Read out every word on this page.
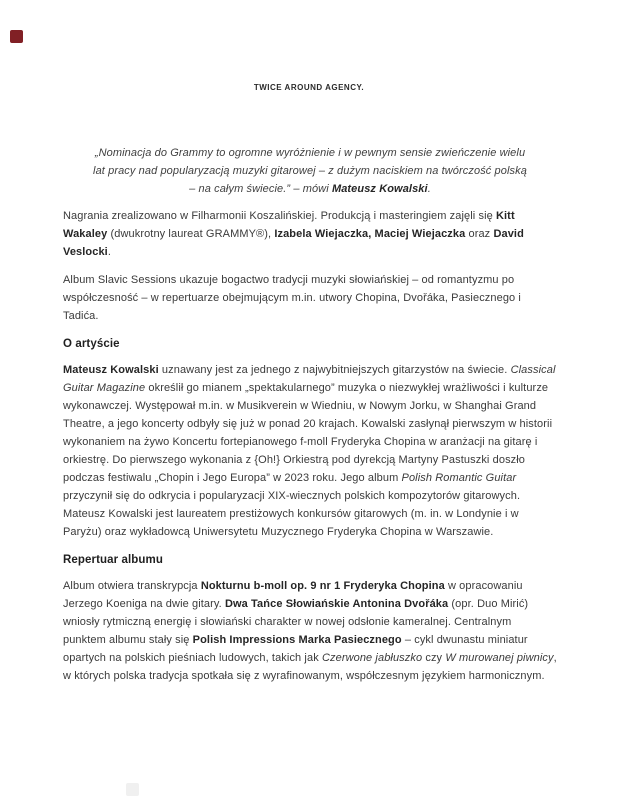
TWICE AROUND AGENCY.

„Nominacja do Grammy to ogromne wyróżnienie i w pewnym sensie zwieńczenie wielu lat pracy nad popularyzacją muzyki gitarowej – z dużym naciskiem na twórczość polską – na całym świecie.” – mówi Mateusz Kowalski.

Nagrania zrealizowano w Filharmonii Koszalińskiej. Produkcją i masteringiem zajęli się Kitt Wakaley (dwukrotny laureat GRAMMY®), Izabela Wiejaczka, Maciej Wiejaczka oraz David Veslocki.

Album Slavic Sessions ukazuje bogactwo tradycji muzyki słowiańskiej – od romantyzmu po współczesność – w repertuarze obejmującym m.in. utwory Chopina, Dvořáka, Pasiecznego i Tadića.

O artyście

Mateusz Kowalski uznawany jest za jednego z najwybitniejszych gitarzystów na świecie. Classical Guitar Magazine określił go mianem „spektakularnego” muzyka o niezwykłej wrażliwości i kulturze wykonawczej. Występował m.in. w Musikverein w Wiedniu, w Nowym Jorku, w Shanghai Grand Theatre, a jego koncerty odbyły się już w ponad 20 krajach. Kowalski zasłynął pierwszym w historii wykonaniem na żywo Koncertu fortepianowego f-moll Fryderyka Chopina w aranżacji na gitarę i orkiestrę. Do pierwszego wykonania z {Oh!} Orkiestrą pod dyrekcją Martyny Pastuszki doszło podczas festiwalu „Chopin i Jego Europa” w 2023 roku. Jego album Polish Romantic Guitar przyczynił się do odkrycia i popularyzacji XIX-wiecznych polskich kompozytorów gitarowych. Mateusz Kowalski jest laureatem prestiżowych konkursów gitarowych (m. in. w Londynie i w Paryżu) oraz wykładowcą Uniwersytetu Muzycznego Fryderyka Chopina w Warszawie.

Repertuar albumu

Album otwiera transkrypcja Nokturnu b-moll op. 9 nr 1 Fryderyka Chopina w opracowaniu Jerzego Koeniga na dwie gitary. Dwa Tańce Słowiańskie Antonina Dvořáka (opr. Duo Mirić) wniosły rytmiczną energię i słowiański charakter w nowej odsłonie kameralnej. Centralnym punktem albumu stały się Polish Impressions Marka Pasiecznego – cykl dwunastu miniatur opartych na polskich pieśniach ludowych, takich jak Czerwone jabłuszko czy W murowanej piwnicy, w których polska tradycja spotkała się z wyrafinowanym, współczesnym językiem harmonicznym.
